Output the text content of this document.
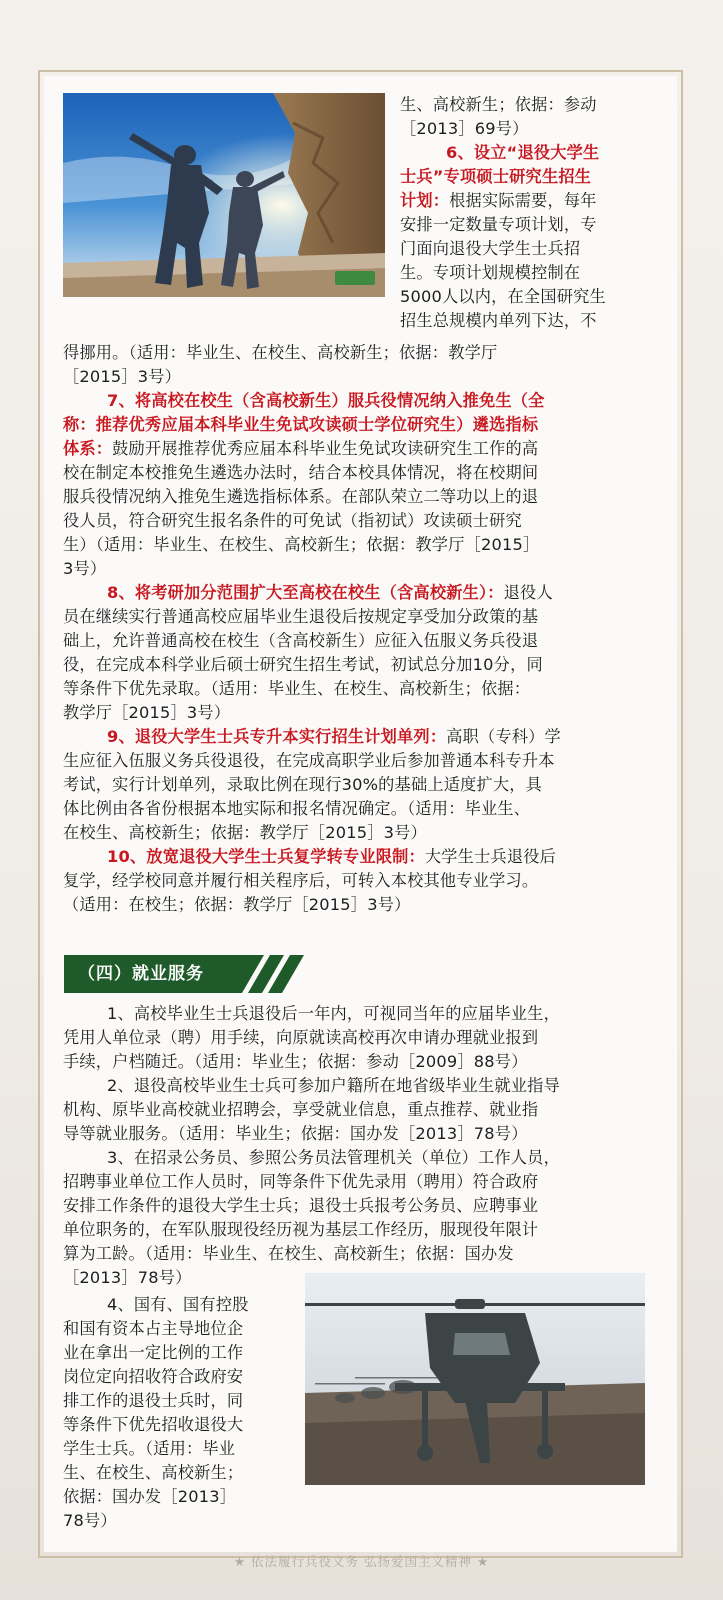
生、高校新生；依据：参动

［2013］69号）

6、设立“退役大学生

士兵”专项硕士研究生招生

计划：根据实际需要，每年

安排一定数量专项计划，专

门面向退役大学生士兵招

生。专项计划规模控制在

5000人以内，在全国研究生

招生总规模内单列下达，不

得挪用。（适用：毕业生、在校生、高校新生；依据：教学厅

［2015］3号）

7、将高校在校生（含高校新生）服兵役情况纳入推免生（全

称：推荐优秀应届本科毕业生免试攻读硕士学位研究生）遴选指标

体系：鼓励开展推荐优秀应届本科毕业生免试攻读研究生工作的高

校在制定本校推免生遴选办法时，结合本校具体情况，将在校期间

服兵役情况纳入推免生遴选指标体系。在部队荣立二等功以上的退

役人员，符合研究生报名条件的可免试（指初试）攻读硕士研究

生）（适用：毕业生、在校生、高校新生；依据：教学厅［2015］

3号）

8、将考研加分范围扩大至高校在校生（含高校新生）：退役人

员在继续实行普通高校应届毕业生退役后按规定享受加分政策的基

础上，允许普通高校在校生（含高校新生）应征入伍服义务兵役退

役，在完成本科学业后硕士研究生招生考试，初试总分加10分，同

等条件下优先录取。（适用：毕业生、在校生、高校新生；依据：

教学厅［2015］3号）

9、退役大学生士兵专升本实行招生计划单列：高职（专科）学

生应征入伍服义务兵役退役，在完成高职学业后参加普通本科专升本

考试，实行计划单列，录取比例在现行30%的基础上适度扩大，具

体比例由各省份根据本地实际和报名情况确定。（适用：毕业生、

在校生、高校新生；依据：教学厅［2015］3号）

10、放宽退役大学生士兵复学转专业限制：大学生士兵退役后

复学，经学校同意并履行相关程序后，可转入本校其他专业学习。

（适用：在校生；依据：教学厅［2015］3号）

（四）就业服务

1、高校毕业生士兵退役后一年内，可视同当年的应届毕业生，

凭用人单位录（聘）用手续，向原就读高校再次申请办理就业报到

手续，户档随迁。（适用：毕业生；依据：参动［2009］88号）

2、退役高校毕业生士兵可参加户籍所在地省级毕业生就业指导

机构、原毕业高校就业招聘会，享受就业信息，重点推荐、就业指

导等就业服务。（适用：毕业生；依据：国办发［2013］78号）

3、在招录公务员、参照公务员法管理机关（单位）工作人员，

招聘事业单位工作人员时，同等条件下优先录用（聘用）符合政府

安排工作条件的退役大学生士兵；退役士兵报考公务员、应聘事业

单位职务的，在军队服现役经历视为基层工作经历，服现役年限计

算为工龄。（适用：毕业生、在校生、高校新生；依据：国办发

［2013］78号）

4、国有、国有控股

和国有资本占主导地位企

业在拿出一定比例的工作

岗位定向招收符合政府安

排工作的退役士兵时，同

等条件下优先招收退役大

学生士兵。（适用：毕业

生、在校生、高校新生；

依据：国办发［2013］

78号）

★ 依法履行兵役义务 弘扬爱国主义精神 ★
